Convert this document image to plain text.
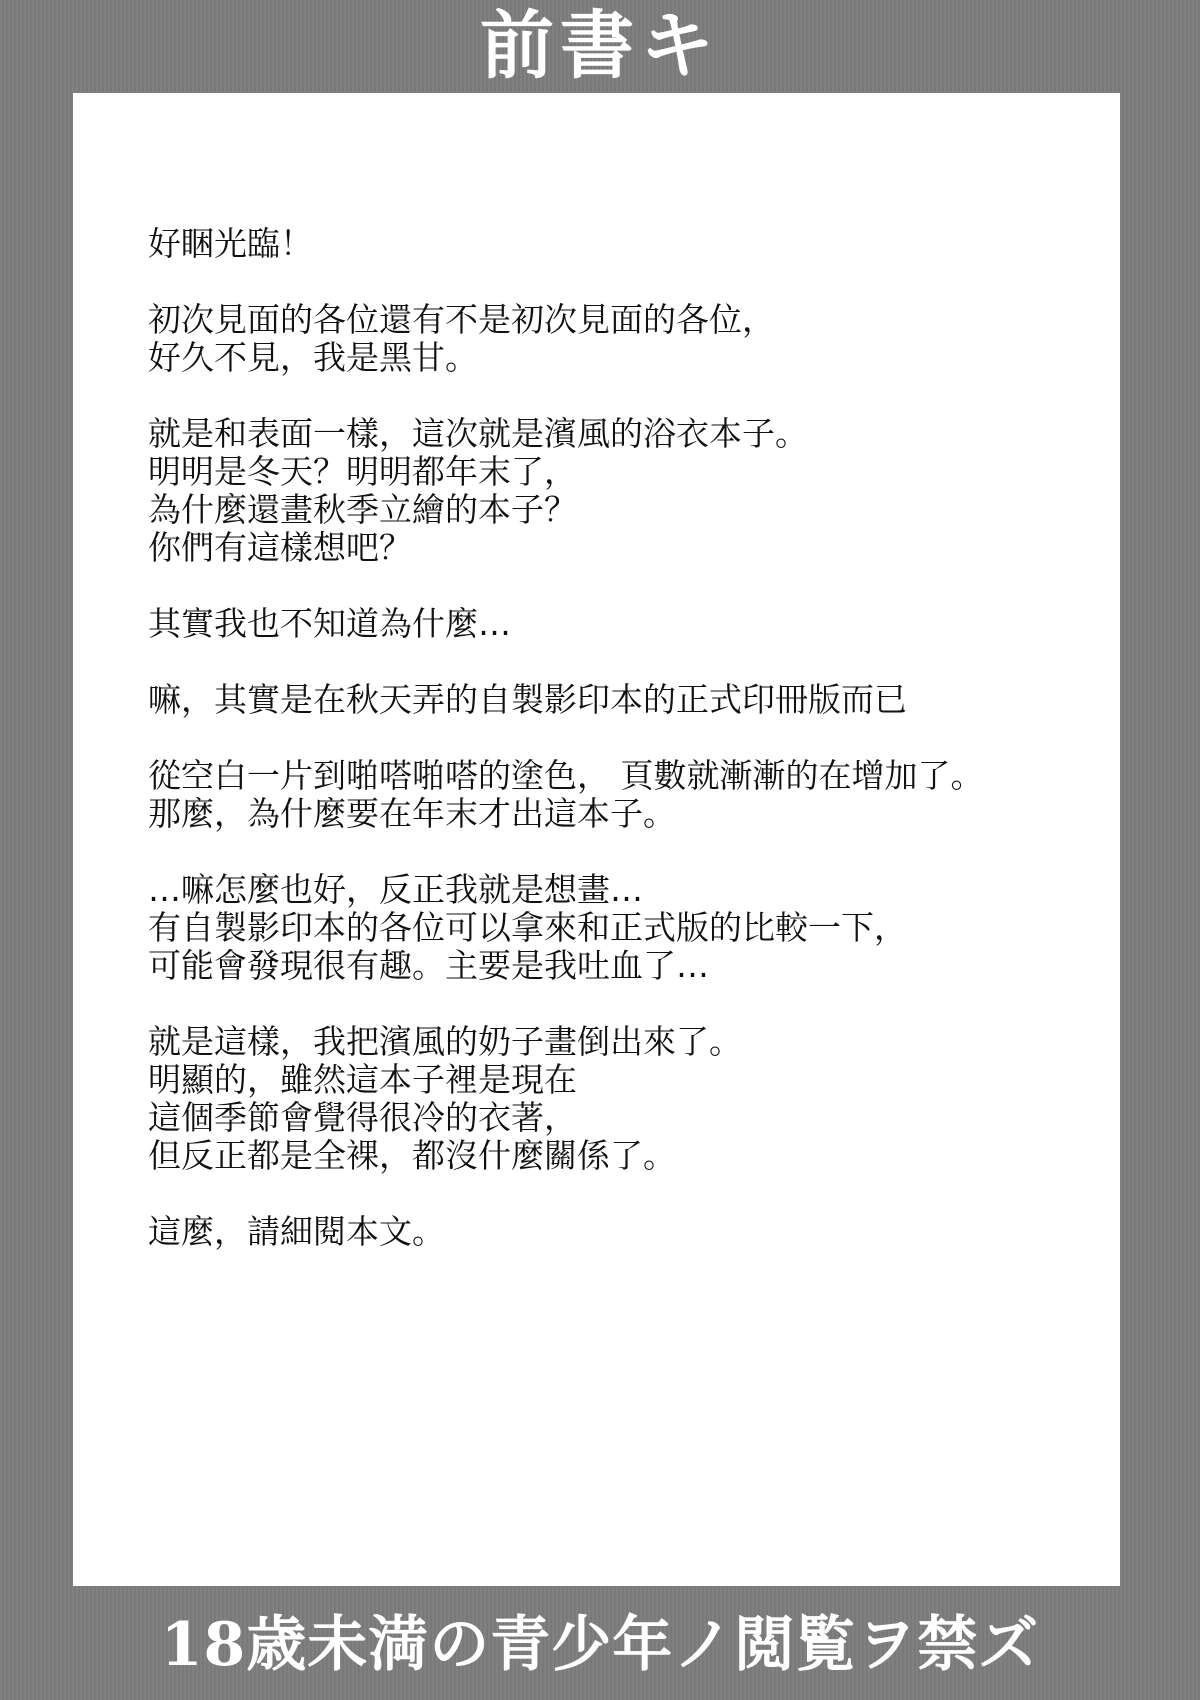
前書キ
好睏光臨！
初次見面的各位還有不是初次見面的各位，
好久不見，我是黑甘。
就是和表面一樣，這次就是濱風的浴衣本子。
明明是冬天？明明都年末了，
為什麼還畫秋季立繪的本子？
你們有這樣想吧？
其實我也不知道為什麼…
嘛，其實是在秋天弄的自製影印本的正式印冊版而已
從空白一片到啪嗒啪嗒的塗色， 頁數就漸漸的在增加了。
那麼，為什麼要在年末才出這本子。
…嘛怎麼也好，反正我就是想畫…
有自製影印本的各位可以拿來和正式版的比較一下，
可能會發現很有趣。主要是我吐血了…
就是這樣，我把濱風的奶子畫倒出來了。
明顯的，雖然這本子裡是現在
這個季節會覺得很冷的衣著，
但反正都是全裸，都沒什麼關係了。
這麼，請細閱本文。
18歳未満の青少年ノ閲覧ヲ禁ズ
